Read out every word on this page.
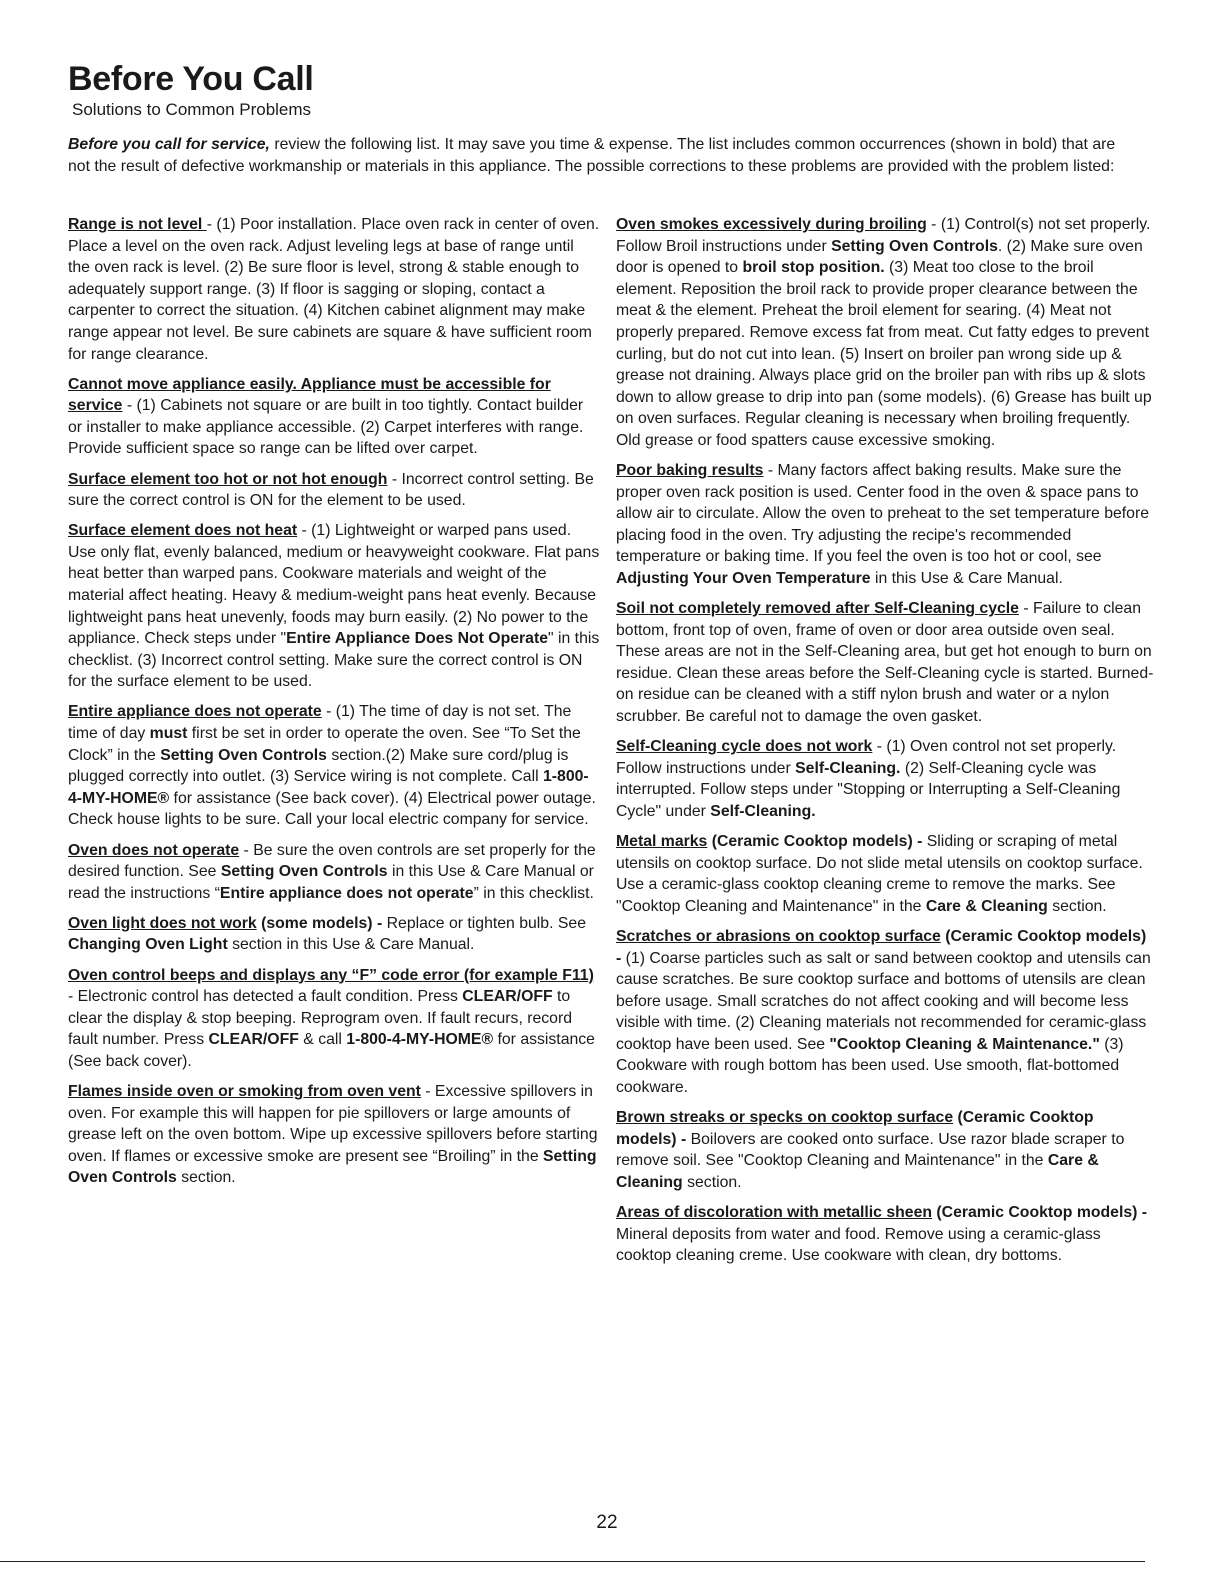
Before You Call
Solutions to Common Problems

Before you call for service, review the following list. It may save you time & expense. The list includes common occurrences (shown in bold) that are not the result of defective workmanship or materials in this appliance. The possible corrections to these problems are provided with the problem listed:

Range is not level - (1) Poor installation. Place oven rack in center of oven. Place a level on the oven rack. Adjust leveling legs at base of range until the oven rack is level. (2) Be sure floor is level, strong & stable enough to adequately support range. (3) If floor is sagging or sloping, contact a carpenter to correct the situation. (4) Kitchen cabinet alignment may make range appear not level. Be sure cabinets are square & have sufficient room for range clearance.

Cannot move appliance easily. Appliance must be accessible for service - (1) Cabinets not square or are built in too tightly. Contact builder or installer to make appliance accessible. (2) Carpet interferes with range. Provide sufficient space so range can be lifted over carpet.

Surface element too hot or not hot enough - Incorrect control setting. Be sure the correct control is ON for the element to be used.

Surface element does not heat - (1) Lightweight or warped pans used. Use only flat, evenly balanced, medium or heavyweight cookware. Flat pans heat better than warped pans. Cookware materials and weight of the material affect heating. Heavy & medium-weight pans heat evenly. Because lightweight pans heat unevenly, foods may burn easily. (2) No power to the appliance. Check steps under "Entire Appliance Does Not Operate" in this checklist. (3) Incorrect control setting. Make sure the correct control is ON for the surface element to be used.

Entire appliance does not operate - (1) The time of day is not set. The time of day must first be set in order to operate the oven. See “To Set the Clock” in the Setting Oven Controls section.(2) Make sure cord/plug is plugged correctly into outlet. (3) Service wiring is not complete. Call 1-800-4-MY-HOME® for assistance (See back cover). (4) Electrical power outage. Check house lights to be sure. Call your local electric company for service.

Oven does not operate - Be sure the oven controls are set properly for the desired function. See Setting Oven Controls in this Use & Care Manual or read the instructions “Entire appliance does not operate” in this checklist.

Oven light does not work (some models) - Replace or tighten bulb. See Changing Oven Light section in this Use & Care Manual.

Oven control beeps and displays any “F” code error (for example F11) - Electronic control has detected a fault condition. Press CLEAR/OFF to clear the display & stop beeping. Reprogram oven. If fault recurs, record fault number. Press CLEAR/OFF & call 1-800-4-MY-HOME® for assistance (See back cover).

Flames inside oven or smoking from oven vent - Excessive spillovers in oven. For example this will happen for pie spillovers or large amounts of grease left on the oven bottom. Wipe up excessive spillovers before starting oven. If flames or excessive smoke are present see “Broiling” in the Setting Oven Controls section.

Oven smokes excessively during broiling - (1) Control(s) not set properly. Follow Broil instructions under Setting Oven Controls. (2) Make sure oven door is opened to broil stop position. (3) Meat too close to the broil element. Reposition the broil rack to provide proper clearance between the meat & the element. Preheat the broil element for searing. (4) Meat not properly prepared. Remove excess fat from meat. Cut fatty edges to prevent curling, but do not cut into lean. (5) Insert on broiler pan wrong side up & grease not draining. Always place grid on the broiler pan with ribs up & slots down to allow grease to drip into pan (some models). (6) Grease has built up on oven surfaces. Regular cleaning is necessary when broiling frequently. Old grease or food spatters cause excessive smoking.

Poor baking results - Many factors affect baking results. Make sure the proper oven rack position is used. Center food in the oven & space pans to allow air to circulate. Allow the oven to preheat to the set temperature before placing food in the oven. Try adjusting the recipe's recommended temperature or baking time. If you feel the oven is too hot or cool, see Adjusting Your Oven Temperature in this Use & Care Manual.

Soil not completely removed after Self-Cleaning cycle - Failure to clean bottom, front top of oven, frame of oven or door area outside oven seal. These areas are not in the Self-Cleaning area, but get hot enough to burn on residue. Clean these areas before the Self-Cleaning cycle is started. Burned-on residue can be cleaned with a stiff nylon brush and water or a nylon scrubber. Be careful not to damage the oven gasket.

Self-Cleaning cycle does not work - (1) Oven control not set properly. Follow instructions under Self-Cleaning. (2) Self-Cleaning cycle was interrupted. Follow steps under "Stopping or Interrupting a Self-Cleaning Cycle" under Self-Cleaning.

Metal marks (Ceramic Cooktop models) - Sliding or scraping of metal utensils on cooktop surface. Do not slide metal utensils on cooktop surface. Use a ceramic-glass cooktop cleaning creme to remove the marks. See "Cooktop Cleaning and Maintenance" in the Care & Cleaning section.

Scratches or abrasions on cooktop surface (Ceramic Cooktop models) - (1) Coarse particles such as salt or sand between cooktop and utensils can cause scratches. Be sure cooktop surface and bottoms of utensils are clean before usage. Small scratches do not affect cooking and will become less visible with time. (2) Cleaning materials not recommended for ceramic-glass cooktop have been used. See "Cooktop Cleaning & Maintenance." (3) Cookware with rough bottom has been used. Use smooth, flat-bottomed cookware.

Brown streaks or specks on cooktop surface (Ceramic Cooktop models) - Boilovers are cooked onto surface. Use razor blade scraper to remove soil. See "Cooktop Cleaning and Maintenance" in the Care & Cleaning section.

Areas of discoloration with metallic sheen (Ceramic Cooktop models) - Mineral deposits from water and food. Remove using a ceramic-glass cooktop cleaning creme. Use cookware with clean, dry bottoms.

22
